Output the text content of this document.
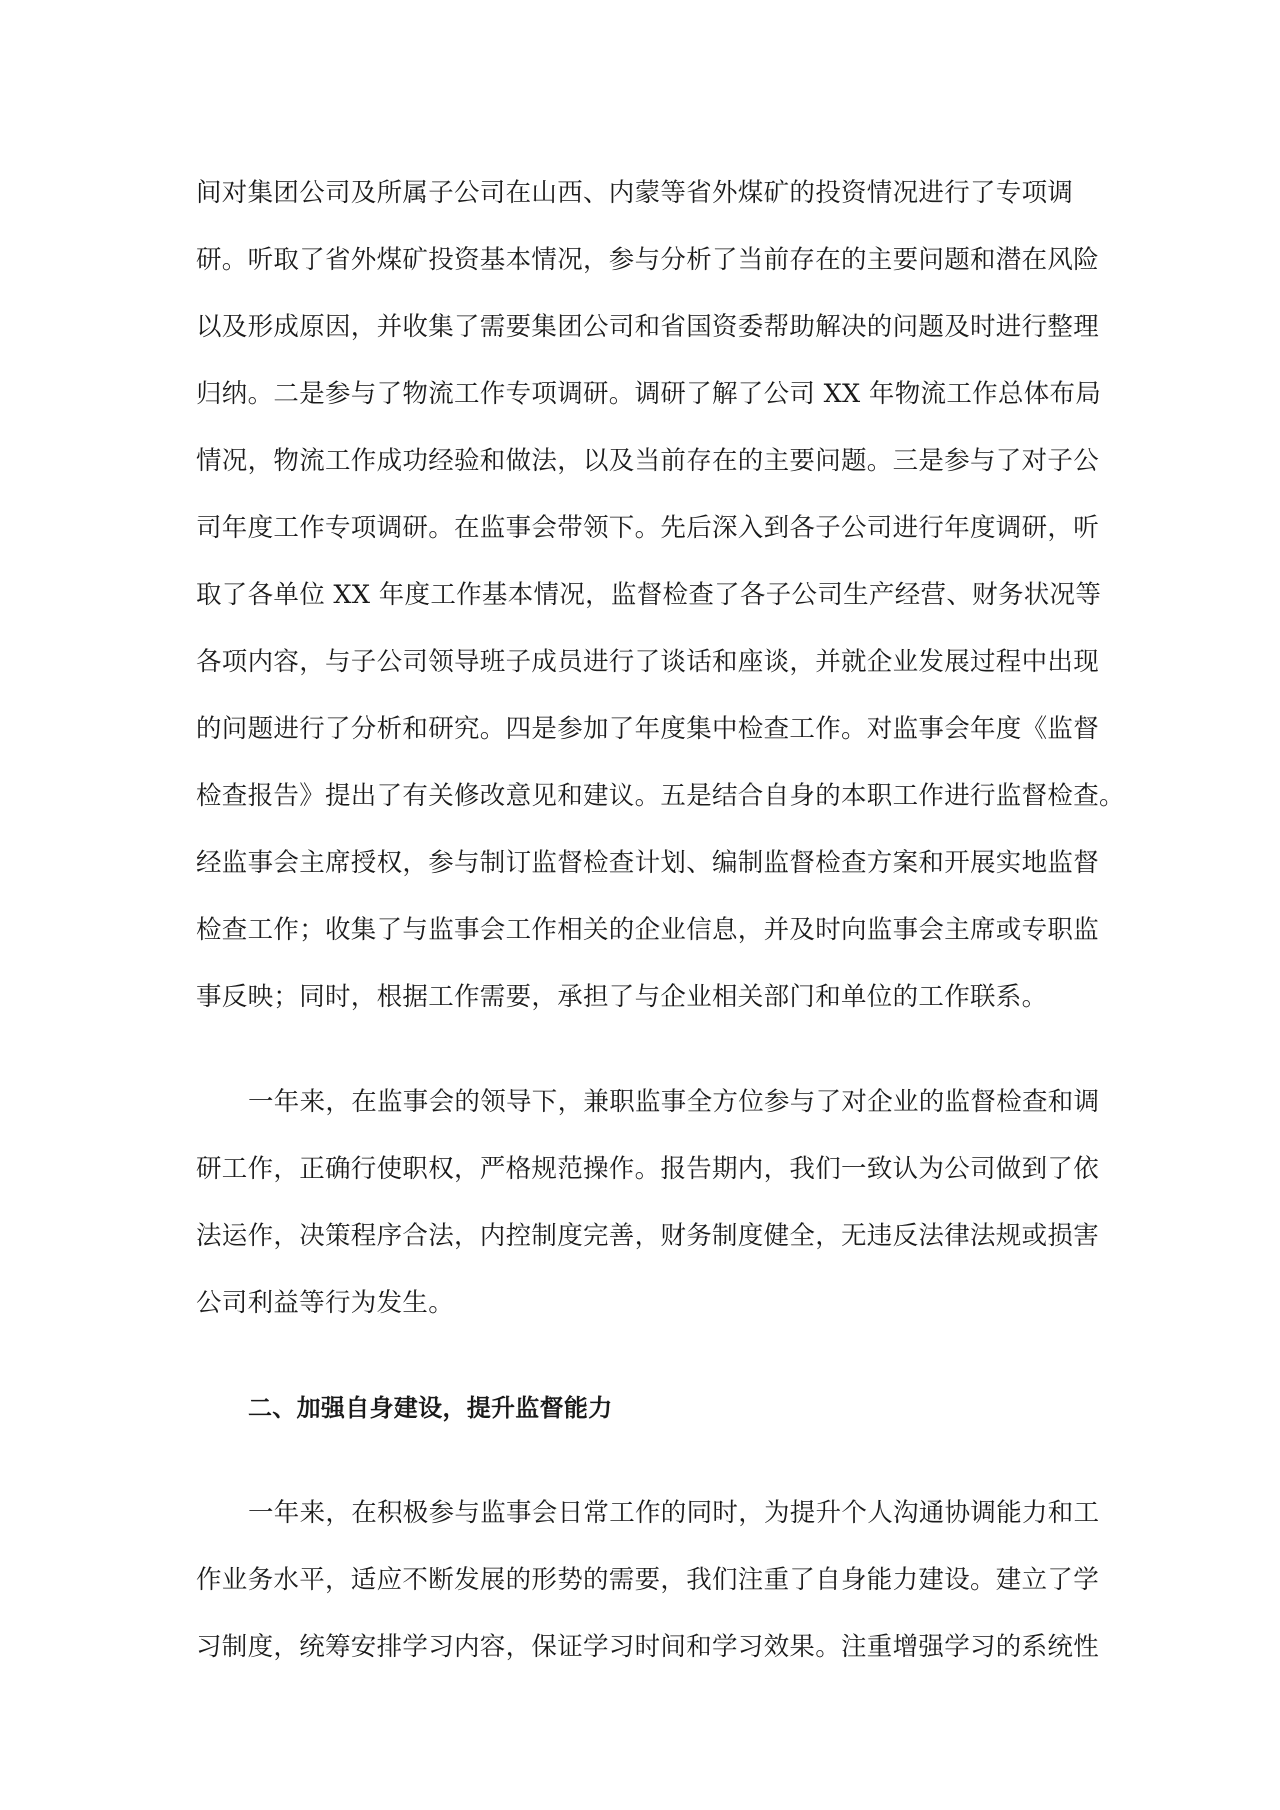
间对集团公司及所属子公司在山西、内蒙等省外煤矿的投资情况进行了专项调
研。听取了省外煤矿投资基本情况，参与分析了当前存在的主要问题和潜在风险
以及形成原因，并收集了需要集团公司和省国资委帮助解决的问题及时进行整理
归纳。二是参与了物流工作专项调研。调研了解了公司 XX 年物流工作总体布局
情况，物流工作成功经验和做法，以及当前存在的主要问题。三是参与了对子公
司年度工作专项调研。在监事会带领下。先后深入到各子公司进行年度调研，听
取了各单位 XX 年度工作基本情况，监督检查了各子公司生产经营、财务状况等
各项内容，与子公司领导班子成员进行了谈话和座谈，并就企业发展过程中出现
的问题进行了分析和研究。四是参加了年度集中检查工作。对监事会年度《监督
检查报告》提出了有关修改意见和建议。五是结合自身的本职工作进行监督检查。
经监事会主席授权，参与制订监督检查计划、编制监督检查方案和开展实地监督
检查工作；收集了与监事会工作相关的企业信息，并及时向监事会主席或专职监
事反映；同时，根据工作需要，承担了与企业相关部门和单位的工作联系。
一年来，在监事会的领导下，兼职监事全方位参与了对企业的监督检查和调
研工作，正确行使职权，严格规范操作。报告期内，我们一致认为公司做到了依
法运作，决策程序合法，内控制度完善，财务制度健全，无违反法律法规或损害
公司利益等行为发生。
二、加强自身建设，提升监督能力
一年来，在积极参与监事会日常工作的同时，为提升个人沟通协调能力和工
作业务水平，适应不断发展的形势的需要，我们注重了自身能力建设。建立了学
习制度，统筹安排学习内容，保证学习时间和学习效果。注重增强学习的系统性
